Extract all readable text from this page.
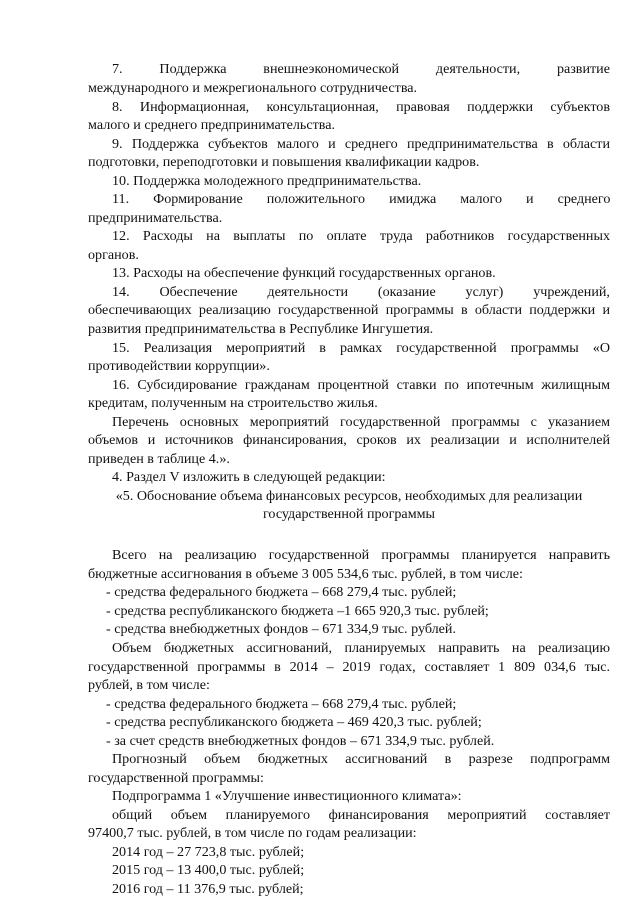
7.	Поддержка	внешнеэкономической	деятельности,	развитие
международного и межрегионального сотрудничества.
8. Информационная, консультационная, правовая поддержки субъектов
малого и среднего предпринимательства.
9. Поддержка субъектов малого и среднего предпринимательства в области
подготовки, переподготовки и повышения квалификации кадров.
10. Поддержка молодежного предпринимательства.
11.	Формирование	положительного	имиджа	малого	и	среднего
предпринимательства.
12. Расходы на выплаты по оплате труда работников государственных
органов.
13. Расходы на обеспечение функций государственных органов.
14.	Обеспечение	деятельности	(оказание	услуг)	учреждений,
обеспечивающих реализацию государственной программы в области поддержки и
развития предпринимательства в Республике Ингушетия.
15. Реализация мероприятий в рамках государственной программы «О
противодействии коррупции».
16. Субсидирование гражданам процентной ставки по ипотечным жилищным
кредитам, полученным на строительство жилья.
Перечень основных мероприятий государственной программы с указанием
объемов и источников финансирования, сроков их реализации и исполнителей
приведен в таблице 4.».
4. Раздел V изложить в следующей редакции:
«5. Обоснование объема финансовых ресурсов, необходимых для реализации
государственной программы
Всего на реализацию государственной программы планируется направить
бюджетные ассигнования в объеме 3 005 534,6 тыс. рублей, в том числе:
- средства федерального бюджета – 668 279,4 тыс. рублей;
- средства республиканского бюджета –1 665 920,3 тыс. рублей;
- средства внебюджетных фондов – 671 334,9 тыс. рублей.
Объем бюджетных ассигнований, планируемых направить на реализацию
государственной программы в 2014 – 2019 годах, составляет 1 809 034,6 тыс.
рублей, в том числе:
- средства федерального бюджета – 668 279,4 тыс. рублей;
- средства республиканского бюджета – 469 420,3 тыс. рублей;
- за счет средств внебюджетных фондов – 671 334,9 тыс. рублей.
Прогнозный объем бюджетных ассигнований в разрезе подпрограмм
государственной программы:
Подпрограмма 1 «Улучшение инвестиционного климата»:
общий объем планируемого финансирования мероприятий составляет
97400,7 тыс. рублей, в том числе по годам реализации:
2014 год – 27 723,8 тыс. рублей;
2015 год – 13 400,0 тыс. рублей;
2016 год – 11 376,9 тыс. рублей;
